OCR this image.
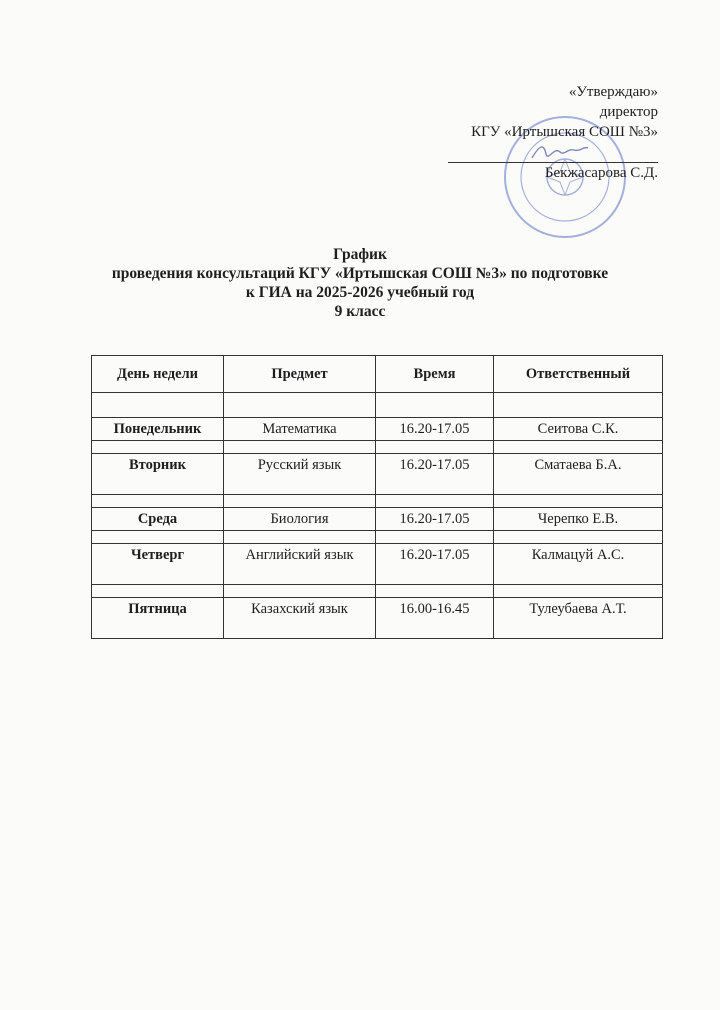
«Утверждаю»
директор
КГУ «Иртышская СОШ №3»
Бекжасарова С.Д.
График
проведения консультаций КГУ «Иртышская СОШ №3» по подготовке
к ГИА на 2025-2026 учебный год
9 класс
День недели	Предмет	Время	Ответственный

Понедельник	Математика	16.20-17.05	Сеитова С.К.

Вторник	Русский язык	16.20-17.05	Сматаева Б.А.

Среда	Биология	16.20-17.05	Черепко Е.В.

Четверг	Английский язык	16.20-17.05	Калмацуй А.С.

Пятница	Казахский язык	16.00-16.45	Тулеубаева А.Т.
